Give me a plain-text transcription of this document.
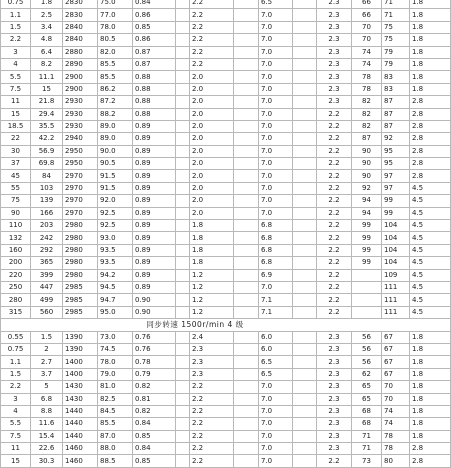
0.75	1.8	2830	75.0	0.84		2.2		6.5		2.3	66	71	1.8
1.1	2.5	2830	77.0	0.86		2.2		7.0		2.3	66	71	1.8
1.5	3.4	2840	78.0	0.85		2.2		7.0		2.3	70	75	1.8
2.2	4.8	2840	80.5	0.86		2.2		7.0		2.3	70	75	1.8
3	6.4	2880	82.0	0.87		2.2		7.0		2.3	74	79	1.8
4	8.2	2890	85.5	0.87		2.2		7.0		2.3	74	79	1.8
5.5	11.1	2900	85.5	0.88		2.0		7.0		2.3	78	83	1.8
7.5	15	2900	86.2	0.88		2.0		7.0		2.3	78	83	1.8
11	21.8	2930	87.2	0.88		2.0		7.0		2.3	82	87	2.8
15	29.4	2930	88.2	0.88		2.0		7.0		2.2	82	87	2.8
18.5	35.5	2930	89.0	0.89		2.0		7.0		2.2	82	87	2.8
22	42.2	2940	89.0	0.89		2.0		7.0		2.2	87	92	2.8
30	56.9	2950	90.0	0.89		2.0		7.0		2.2	90	95	2.8
37	69.8	2950	90.5	0.89		2.0		7.0		2.2	90	95	2.8
45	84	2970	91.5	0.89		2.0		7.0		2.2	90	97	2.8
55	103	2970	91.5	0.89		2.0		7.0		2.2	92	97	4.5
75	139	2970	92.0	0.89		2.0		7.0		2.2	94	99	4.5
90	166	2970	92.5	0.89		2.0		7.0		2.2	94	99	4.5
110	203	2980	92.5	0.89		1.8		6.8		2.2	99	104	4.5
132	242	2980	93.0	0.89		1.8		6.8		2.2	99	104	4.5
160	292	2980	93.5	0.89		1.8		6.8		2.2	99	104	4.5
200	365	2980	93.5	0.89		1.8		6.8		2.2	99	104	4.5
220	399	2980	94.2	0.89		1.2		6.9		2.2		109	4.5
250	447	2985	94.5	0.89		1.2		7.0		2.2		111	4.5
280	499	2985	94.7	0.90		1.2		7.1		2.2		111	4.5
315	560	2985	95.0	0.90		1.2		7.1		2.2		111	4.5
			同步转速 1500r/min 4 级										
0.55	1.5	1390	73.0	0.76		2.4		6.0		2.3	56	67	1.8
0.75	2	1390	74.5	0.76		2.3		6.0		2.3	56	67	1.8
1.1	2.7	1400	78.0	0.78		2.3		6.5		2.3	56	67	1.8
1.5	3.7	1400	79.0	0.79		2.3		6.5		2.3	62	67	1.8
2.2	5	1430	81.0	0.82		2.2		7.0		2.3	65	70	1.8
3	6.8	1430	82.5	0.81		2.2		7.0		2.3	65	70	1.8
4	8.8	1440	84.5	0.82		2.2		7.0		2.3	68	74	1.8
5.5	11.6	1440	85.5	0.84		2.2		7.0		2.3	68	74	1.8
7.5	15.4	1440	87.0	0.85		2.2		7.0		2.3	71	78	1.8
11	22.6	1460	88.0	0.84		2.2		7.0		2.3	71	78	2.8
15	30.3	1460	88.5	0.85		2.2		7.0		2.2	73	80	2.8
